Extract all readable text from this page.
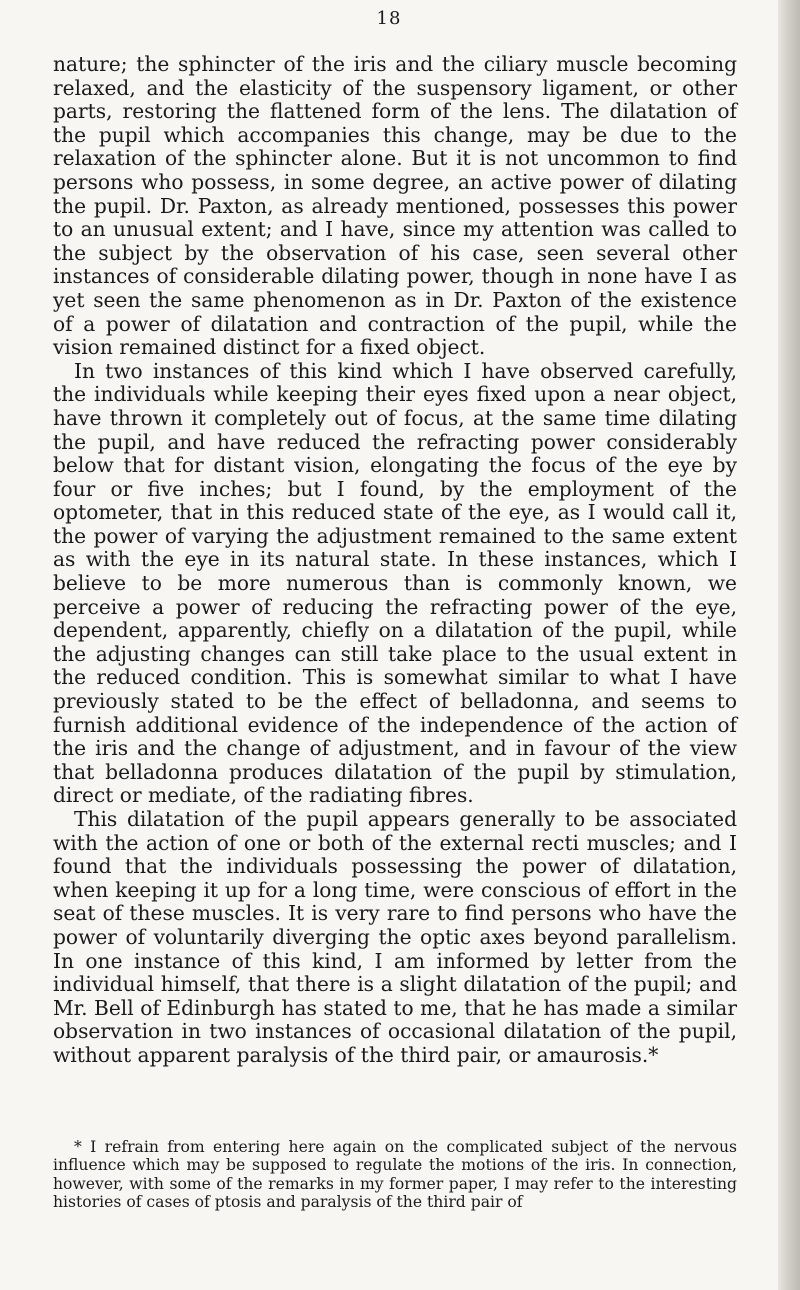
18

nature; the sphincter of the iris and the ciliary muscle becoming relaxed, and the elasticity of the suspensory ligament, or other parts, restoring the flattened form of the lens. The dilatation of the pupil which accompanies this change, may be due to the relaxation of the sphincter alone. But it is not uncommon to find persons who possess, in some degree, an active power of dilating the pupil. Dr. Paxton, as already mentioned, possesses this power to an unusual extent; and I have, since my attention was called to the subject by the observation of his case, seen several other instances of considerable dilating power, though in none have I as yet seen the same phenomenon as in Dr. Paxton of the existence of a power of dilatation and contraction of the pupil, while the vision remained distinct for a fixed object.

In two instances of this kind which I have observed carefully, the individuals while keeping their eyes fixed upon a near object, have thrown it completely out of focus, at the same time dilating the pupil, and have reduced the refracting power considerably below that for distant vision, elongating the focus of the eye by four or five inches; but I found, by the employment of the optometer, that in this reduced state of the eye, as I would call it, the power of varying the adjustment remained to the same extent as with the eye in its natural state. In these instances, which I believe to be more numerous than is commonly known, we perceive a power of reducing the refracting power of the eye, dependent, apparently, chiefly on a dilatation of the pupil, while the adjusting changes can still take place to the usual extent in the reduced condition. This is somewhat similar to what I have previously stated to be the effect of belladonna, and seems to furnish additional evidence of the independence of the action of the iris and the change of adjustment, and in favour of the view that belladonna produces dilatation of the pupil by stimulation, direct or mediate, of the radiating fibres.

This dilatation of the pupil appears generally to be associated with the action of one or both of the external recti muscles; and I found that the individuals possessing the power of dilatation, when keeping it up for a long time, were conscious of effort in the seat of these muscles. It is very rare to find persons who have the power of voluntarily diverging the optic axes beyond parallelism. In one instance of this kind, I am informed by letter from the individual himself, that there is a slight dilatation of the pupil; and Mr. Bell of Edinburgh has stated to me, that he has made a similar observation in two instances of occasional dilatation of the pupil, without apparent paralysis of the third pair, or amaurosis.*

* I refrain from entering here again on the complicated subject of the nervous influence which may be supposed to regulate the motions of the iris. In connection, however, with some of the remarks in my former paper, I may refer to the interesting histories of cases of ptosis and paralysis of the third pair of
